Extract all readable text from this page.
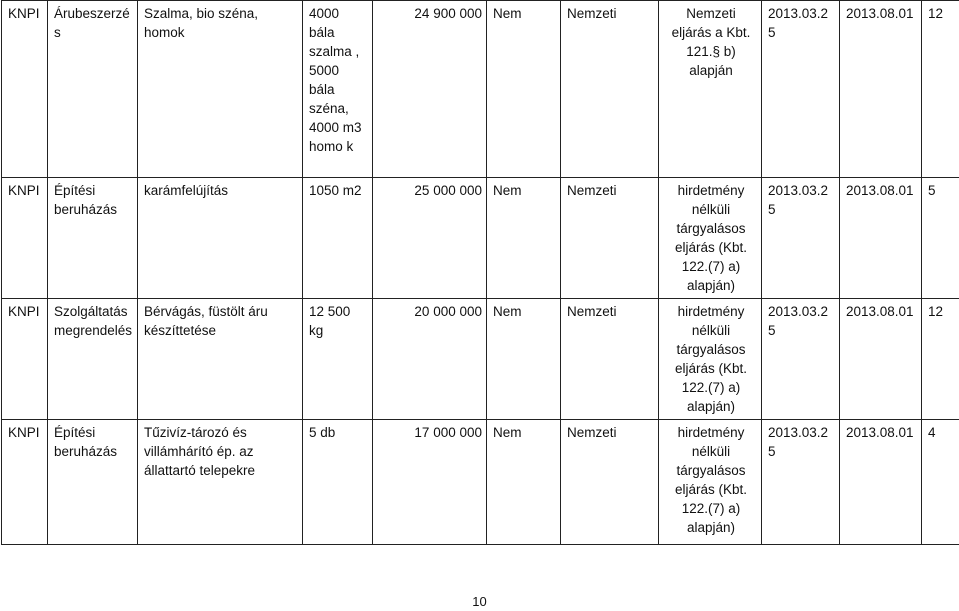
KNPI	Árubeszerzés	Szalma, bio széna, homok	4000 bála szalma , 5000 bála széna, 4000 m3 homo k	24 900 000	Nem	Nemzeti	Nemzeti eljárás a Kbt. 121.§ b) alapján	2013.03.25	2013.08.01	12
KNPI	Építési beruházás	karámfelújítás	1050 m2	25 000 000	Nem	Nemzeti	hirdetmény nélküli tárgyalásos eljárás (Kbt. 122.(7) a) alapján)	2013.03.25	2013.08.01	5
KNPI	Szolgáltatás megrendelés	Bérvágás, füstölt áru készíttetése	12 500 kg	20 000 000	Nem	Nemzeti	hirdetmény nélküli tárgyalásos eljárás (Kbt. 122.(7) a) alapján)	2013.03.25	2013.08.01	12
KNPI	Építési beruházás	Tűzivíz-tározó és villámhárító ép. az állattartó telepekre	5 db	17 000 000	Nem	Nemzeti	hirdetmény nélküli tárgyalásos eljárás (Kbt. 122.(7) a) alapján)	2013.03.25	2013.08.01	4
10
